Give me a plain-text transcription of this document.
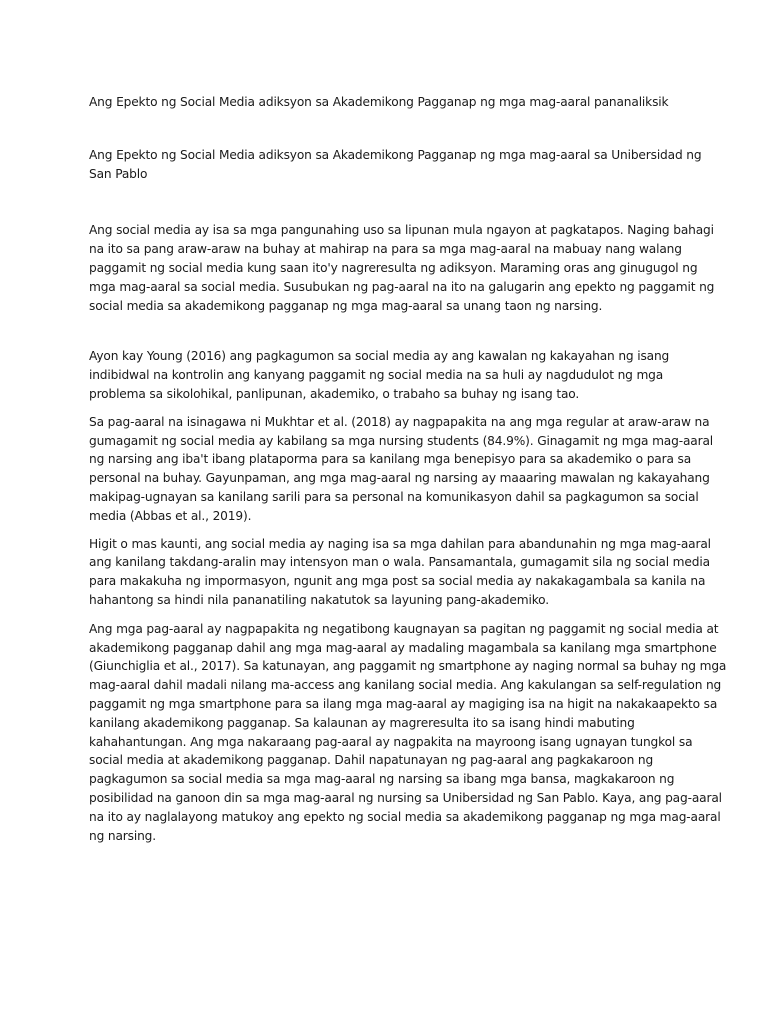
Ang Epekto ng Social Media adiksyon sa Akademikong Pagganap ng mga mag-aaral pananaliksik

Ang Epekto ng Social Media adiksyon sa Akademikong Pagganap ng mga mag-aaral sa Unibersidad ng

San Pablo

Ang social media ay isa sa mga pangunahing uso sa lipunan mula ngayon at pagkatapos. Naging bahagi

na ito sa pang araw-araw na buhay at mahirap na para sa mga mag-aaral na mabuay nang walang

paggamit ng social media kung saan ito'y nagreresulta ng adiksyon. Maraming oras ang ginugugol ng

mga mag-aaral sa social media. Susubukan ng pag-aaral na ito na galugarin ang epekto ng paggamit ng

social media sa akademikong pagganap ng mga mag-aaral sa unang taon ng narsing.

Ayon kay Young (2016) ang pagkagumon sa social media ay ang kawalan ng kakayahan ng isang

indibidwal na kontrolin ang kanyang paggamit ng social media na sa huli ay nagdudulot ng mga

problema sa sikolohikal, panlipunan, akademiko, o trabaho sa buhay ng isang tao.

Sa pag-aaral na isinagawa ni Mukhtar et al. (2018) ay nagpapakita na ang mga regular at araw-araw na

gumagamit ng social media ay kabilang sa mga nursing students (84.9%). Ginagamit ng mga mag-aaral

ng narsing ang iba't ibang plataporma para sa kanilang mga benepisyo para sa akademiko o para sa

personal na buhay. Gayunpaman, ang mga mag-aaral ng narsing ay maaaring mawalan ng kakayahang

makipag-ugnayan sa kanilang sarili para sa personal na komunikasyon dahil sa pagkagumon sa social

media (Abbas et al., 2019).

Higit o mas kaunti, ang social media ay naging isa sa mga dahilan para abandunahin ng mga mag-aaral

ang kanilang takdang-aralin may intensyon man o wala. Pansamantala, gumagamit sila ng social media

para makakuha ng impormasyon, ngunit ang mga post sa social media ay nakakagambala sa kanila na

hahantong sa hindi nila pananatiling nakatutok sa layuning pang-akademiko.

Ang mga pag-aaral ay nagpapakita ng negatibong kaugnayan sa pagitan ng paggamit ng social media at

akademikong pagganap dahil ang mga mag-aaral ay madaling magambala sa kanilang mga smartphone

(Giunchiglia et al., 2017). Sa katunayan, ang paggamit ng smartphone ay naging normal sa buhay ng mga

mag-aaral dahil madali nilang ma-access ang kanilang social media. Ang kakulangan sa self-regulation ng

paggamit ng mga smartphone para sa ilang mga mag-aaral ay magiging isa na higit na nakakaapekto sa

kanilang akademikong pagganap. Sa kalaunan ay magreresulta ito sa isang hindi mabuting

kahahantungan. Ang mga nakaraang pag-aaral ay nagpakita na mayroong isang ugnayan tungkol sa

social media at akademikong pagganap. Dahil napatunayan ng pag-aaral ang pagkakaroon ng

pagkagumon sa social media sa mga mag-aaral ng narsing sa ibang mga bansa, magkakaroon ng

posibilidad na ganoon din sa mga mag-aaral ng nursing sa Unibersidad ng San Pablo. Kaya, ang pag-aaral

na ito ay naglalayong matukoy ang epekto ng social media sa akademikong pagganap ng mga mag-aaral

ng narsing.
